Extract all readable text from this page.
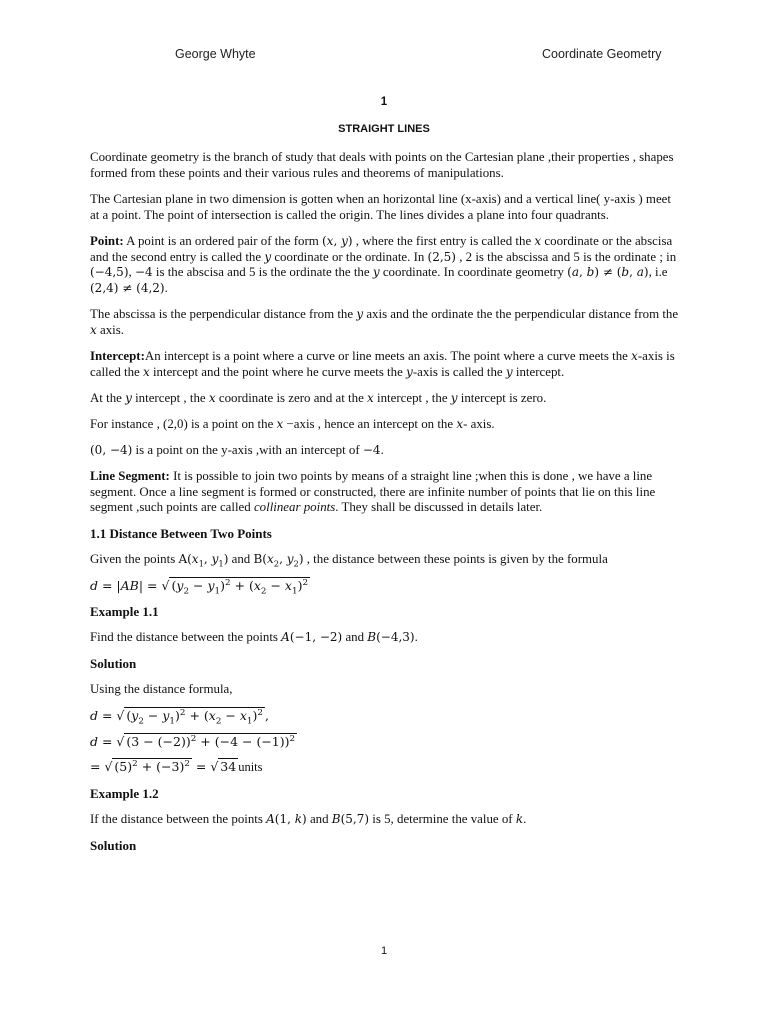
George Whyte	Coordinate Geometry
1
STRAIGHT LINES

Coordinate geometry is the branch of study that deals with points on the Cartesian plane ,their properties , shapes formed from these points and their various rules and theorems of manipulations.

The Cartesian plane in two dimension is gotten when an horizontal line (x-axis) and a vertical line( y-axis ) meet at a point. The point of intersection is called the origin. The lines divides a plane into four quadrants.

Point: A point is an ordered pair of the form (x, y) , where the first entry is called the x coordinate or the abscisa and the second entry is called the y coordinate or the ordinate. In (2,5) , 2 is the abscissa and 5 is the ordinate ; in (−4,5), −4 is the abscisa and 5 is the ordinate the the y coordinate. In coordinate geometry (a, b) ≠ (b, a), i.e (2,4) ≠ (4,2).

The abscissa is the perpendicular distance from the y axis and the ordinate the the perpendicular distance from the x axis.

Intercept:An intercept is a point where a curve or line meets an axis. The point where a curve meets the x-axis is called the x intercept and the point where he curve meets the y-axis is called the y intercept.

At the y intercept , the x coordinate is zero and at the x intercept , the y intercept is zero.

For instance , (2,0) is a point on the x −axis , hence an intercept on the x- axis.

(0, −4) is a point on the y-axis ,with an intercept of −4.

Line Segment: It is possible to join two points by means of a straight line ;when this is done , we have a line segment. Once a line segment is formed or constructed, there are infinite number of points that lie on this line segment ,such points are called collinear points. They shall be discussed in details later.

1.1 Distance Between Two Points

Given the points $A(x_1$, $y_1$) and $B(x_2$, $y_2$) , the distance between these points is given by the formula

d = |AB| = √ $(y_2 - y_1)^2 + (x_2 - x_1)^2$
Example 1.1

Find the distance between the points A(−1, −2) and B(−4,3).

Solution

Using the distance formula,

d = √ $(y_2 - y_1)^2 + (x_2 - x_1)^2$ ,
d = √ $(3 - (-2))^2 + (-4 - (-1))^2$
= √ $(5)^2 + (-3)^2$ = √ 34 units
Example 1.2

If the distance between the points A(1, k) and B(5,7) is 5, determine the value of k.

Solution
1
